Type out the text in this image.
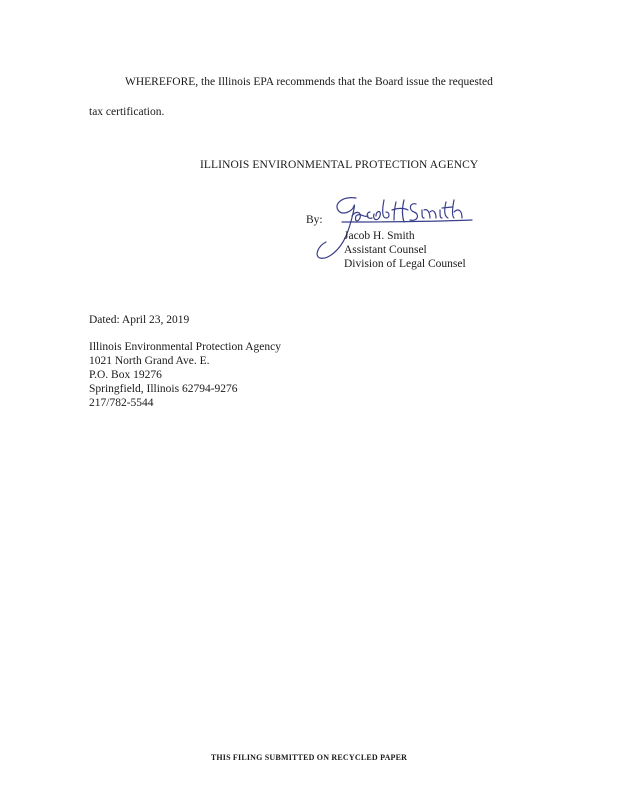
WHEREFORE, the Illinois EPA recommends that the Board issue the requested
tax certification.
ILLINOIS ENVIRONMENTAL PROTECTION AGENCY
By:
Jacob H. Smith
Assistant Counsel
Division of Legal Counsel
Dated: April 23, 2019
Illinois Environmental Protection Agency
1021 North Grand Ave. E.
P.O. Box 19276
Springfield, Illinois 62794-9276
217/782-5544
THIS FILING SUBMITTED ON RECYCLED PAPER
